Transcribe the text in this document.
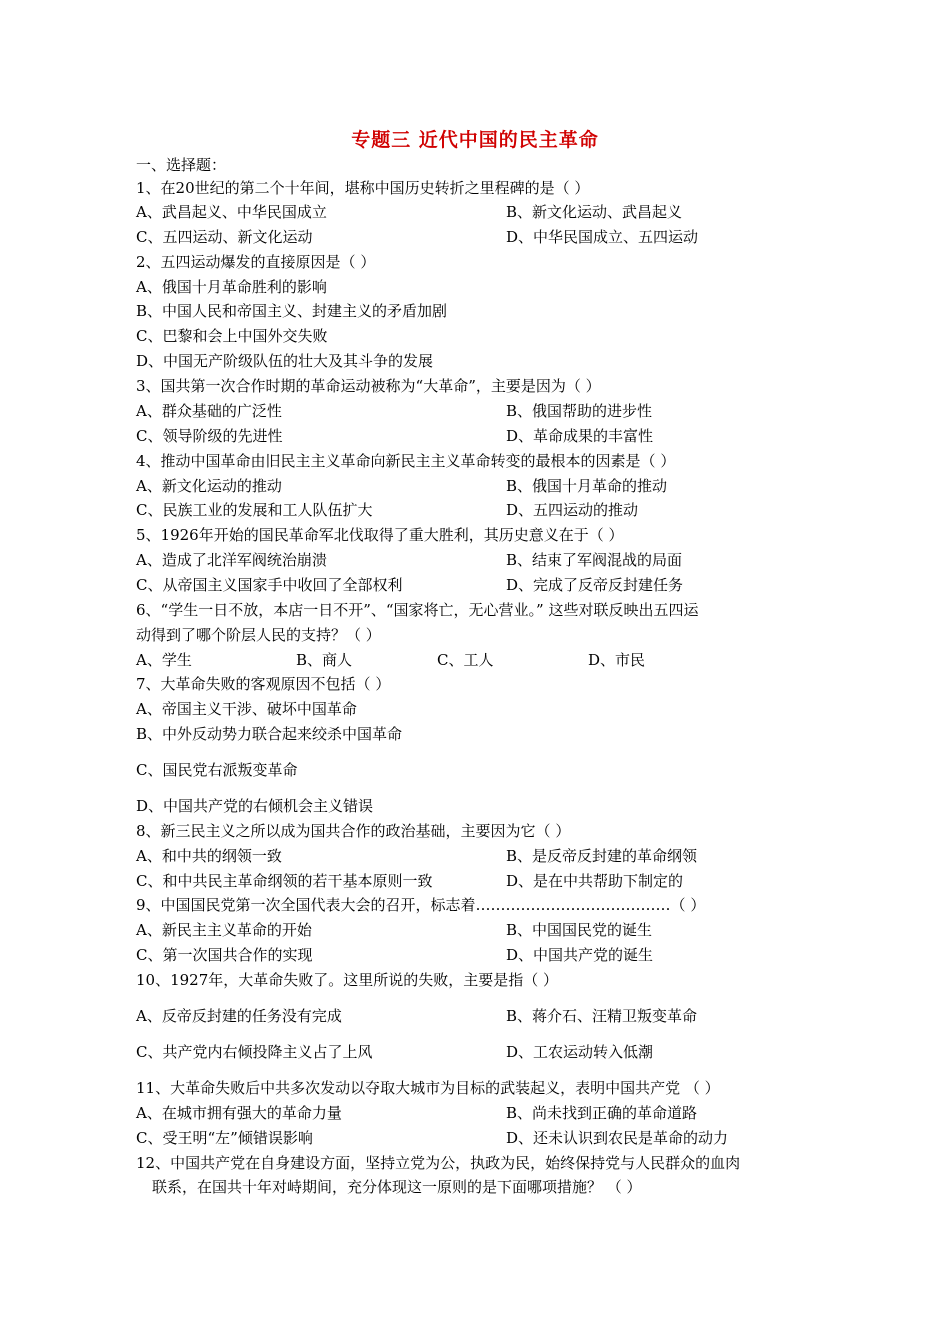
专题三 近代中国的民主革命
一、选择题：
1、在20世纪的第二个十年间，堪称中国历史转折之里程碑的是（ ）
A、武昌起义、中华民国成立	B、新文化运动、武昌起义
C、五四运动、新文化运动	D、中华民国成立、五四运动
2、五四运动爆发的直接原因是（ ）
A、俄国十月革命胜利的影响
B、中国人民和帝国主义、封建主义的矛盾加剧
C、巴黎和会上中国外交失败
D、中国无产阶级队伍的壮大及其斗争的发展
3、国共第一次合作时期的革命运动被称为“大革命”，主要是因为（ ）
A、群众基础的广泛性	B、俄国帮助的进步性
C、领导阶级的先进性	D、革命成果的丰富性
4、推动中国革命由旧民主主义革命向新民主主义革命转变的最根本的因素是（ ）
A、新文化运动的推动	B、俄国十月革命的推动
C、民族工业的发展和工人队伍扩大	D、五四运动的推动
5、1926年开始的国民革命军北伐取得了重大胜利，其历史意义在于（ ）
A、造成了北洋军阀统治崩溃	B、结束了军阀混战的局面
C、从帝国主义国家手中收回了全部权利	D、完成了反帝反封建任务
6、“学生一日不放，本店一日不开”、“国家将亡，无心营业。” 这些对联反映出五四运
动得到了哪个阶层人民的支持？（ ）
A、学生	B、商人	C、工人	D、市民
7、大革命失败的客观原因不包括（ ）
A、帝国主义干涉、破坏中国革命
B、中外反动势力联合起来绞杀中国革命
C、国民党右派叛变革命
D、中国共产党的右倾机会主义错误
8、新三民主义之所以成为国共合作的政治基础，主要因为它（ ）
A、和中共的纲领一致	B、是反帝反封建的革命纲领
C、和中共民主革命纲领的若干基本原则一致	D、是在中共帮助下制定的
9、中国国民党第一次全国代表大会的召开，标志着…………………………………（ ）
A、新民主主义革命的开始	B、中国国民党的诞生
C、第一次国共合作的实现	D、中国共产党的诞生
10、1927年，大革命失败了。这里所说的失败，主要是指（ ）
A、反帝反封建的任务没有完成	B、蒋介石、汪精卫叛变革命
C、共产党内右倾投降主义占了上风	D、工农运动转入低潮
11、大革命失败后中共多次发动以夺取大城市为目标的武装起义，表明中国共产党 （ ）
A、在城市拥有强大的革命力量	B、尚未找到正确的革命道路
C、受王明“左”倾错误影响	D、还未认识到农民是革命的动力
12、中国共产党在自身建设方面，坚持立党为公，执政为民，始终保持党与人民群众的血肉
联系，在国共十年对峙期间，充分体现这一原则的是下面哪项措施？ （ ）
